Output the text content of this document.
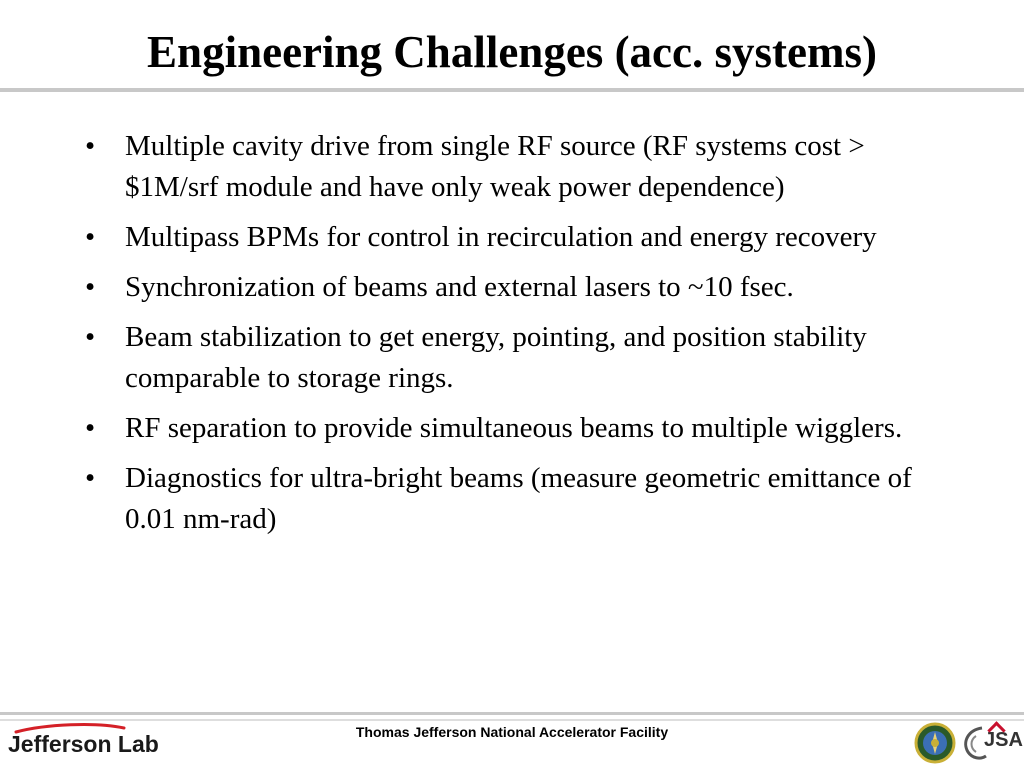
Engineering Challenges (acc. systems)
•	Multiple cavity drive from single RF source (RF systems cost > $1M/srf module and have only weak power dependence)
•	Multipass BPMs for control in recirculation and energy recovery
•	Synchronization of beams and external lasers to ~10 fsec.
•	Beam stabilization to get energy, pointing, and position stability comparable to storage rings.
•	RF separation to provide simultaneous beams to multiple wigglers.
•	Diagnostics for ultra-bright beams (measure geometric emittance of 0.01 nm-rad)
Jefferson Lab	Thomas Jefferson National Accelerator Facility	JSA
